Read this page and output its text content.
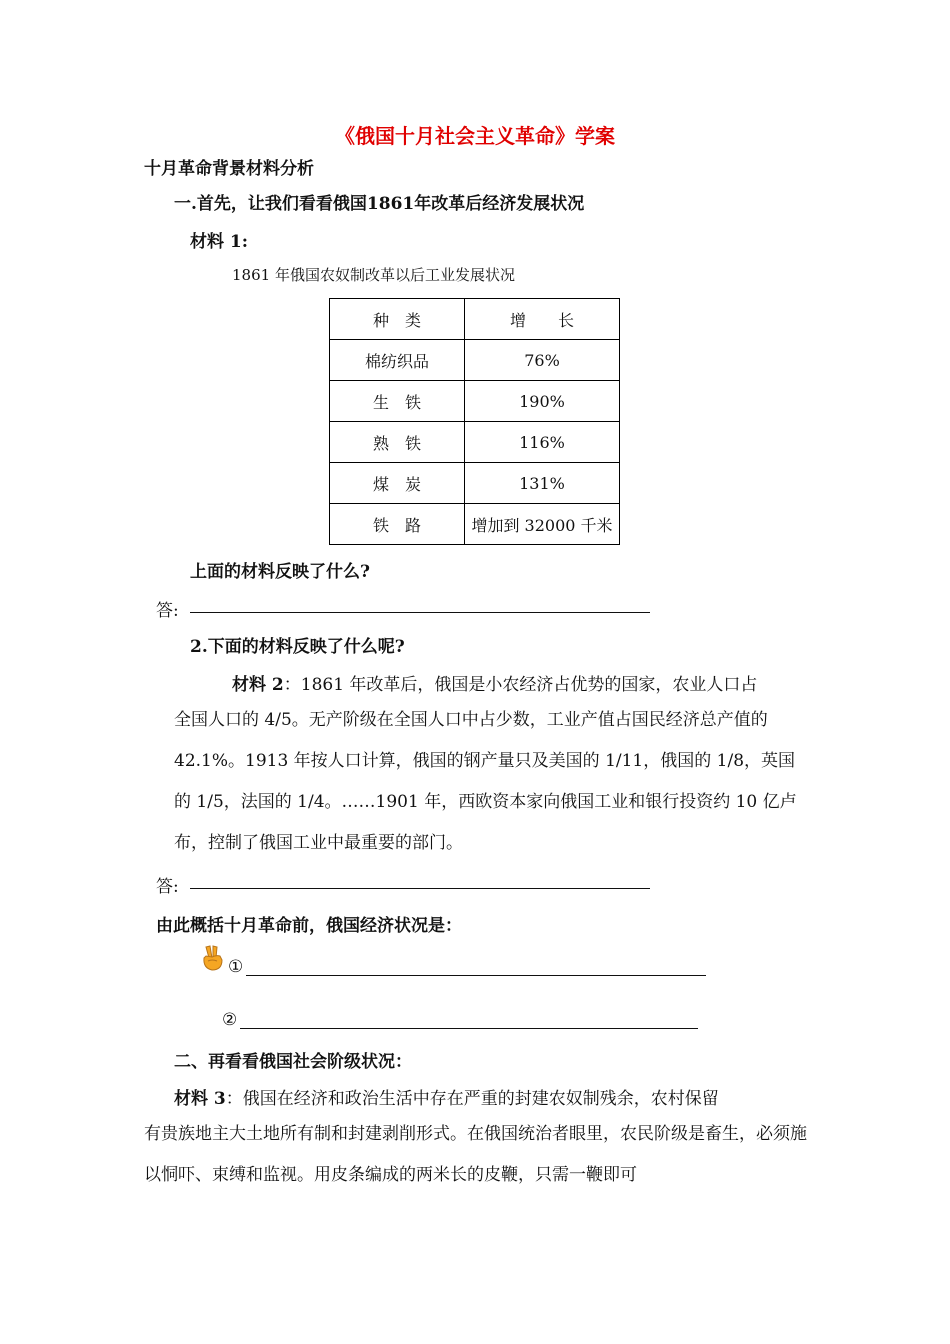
《俄国十月社会主义革命》学案
十月革命背景材料分析
一.首先，让我们看看俄国1861年改革后经济发展状况
材料 1:
1861 年俄国农奴制改革以后工业发展状况
种　类	增　　长
棉纺织品	76%
生　铁	190%
熟　铁	116%
煤　炭	131%
铁　路	增加到 32000 千米
上面的材料反映了什么?
答:
2.下面的材料反映了什么呢?
材料 2：1861 年改革后，俄国是小农经济占优势的国家，农业人口占
全国人口的 4/5。无产阶级在全国人口中占少数，工业产值占国民经济总产值的 42.1%。1913 年按人口计算，俄国的钢产量只及美国的 1/11，俄国的 1/8，英国的 1/5，法国的 1/4。……1901 年，西欧资本家向俄国工业和银行投资约 10 亿卢布，控制了俄国工业中最重要的部门。
答:
由此概括十月革命前，俄国经济状况是：
①
②
二、再看看俄国社会阶级状况：
材料 3：俄国在经济和政治生活中存在严重的封建农奴制残余，农村保留
有贵族地主大土地所有制和封建剥削形式。在俄国统治者眼里，农民阶级是畜生，必须施以恫吓、束缚和监视。用皮条编成的两米长的皮鞭，只需一鞭即可
